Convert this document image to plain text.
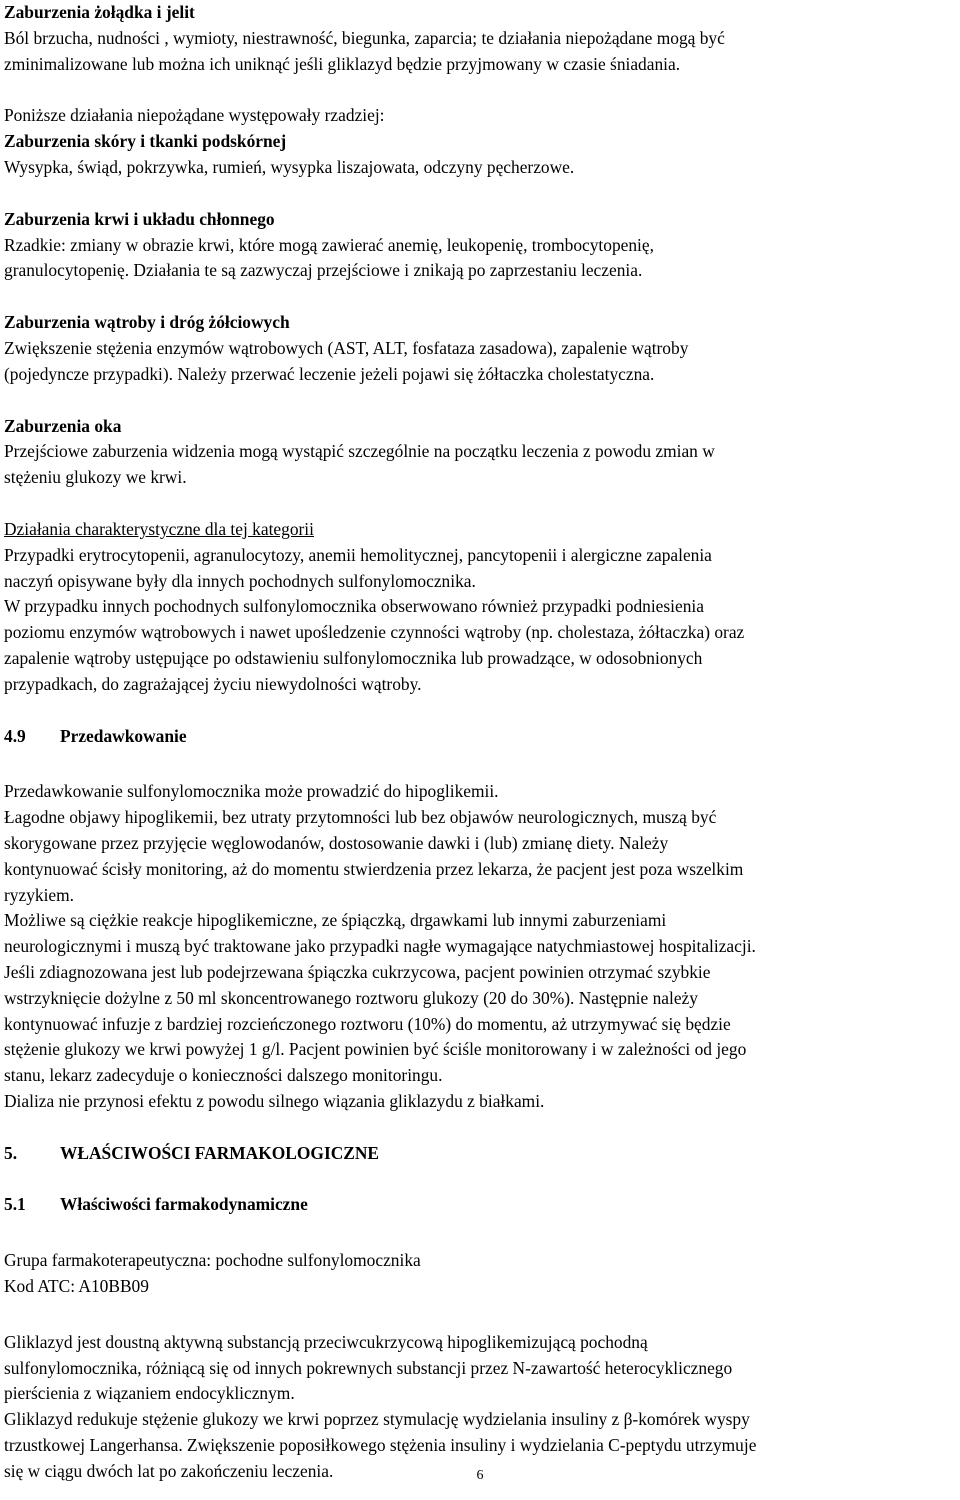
Zaburzenia żołądka i jelit

Ból brzucha, nudności , wymioty, niestrawność, biegunka, zaparcia; te działania niepożądane mogą być

zminimalizowane lub można ich uniknąć jeśli gliklazyd będzie przyjmowany w czasie śniadania.

Poniższe działania niepożądane występowały rzadziej:

Zaburzenia skóry i tkanki podskórnej

Wysypka, świąd, pokrzywka, rumień, wysypka liszajowata, odczyny pęcherzowe.

Zaburzenia krwi i układu chłonnego

Rzadkie: zmiany w obrazie krwi, które mogą zawierać anemię, leukopenię, trombocytopenię,

granulocytopenię. Działania te są zazwyczaj przejściowe i znikają po zaprzestaniu leczenia.

Zaburzenia wątroby i dróg żółciowych

Zwiększenie stężenia enzymów wątrobowych (AST, ALT, fosfataza zasadowa), zapalenie wątroby

(pojedyncze przypadki). Należy przerwać leczenie jeżeli pojawi się żółtaczka cholestatyczna.

Zaburzenia oka

Przejściowe zaburzenia widzenia mogą wystąpić szczególnie na początku leczenia z powodu zmian w

stężeniu glukozy we krwi.

Działania charakterystyczne dla tej kategorii

Przypadki erytrocytopenii, agranulocytozy, anemii hemolitycznej, pancytopenii i alergiczne zapalenia

naczyń opisywane były dla innych pochodnych sulfonylomocznika.

W przypadku innych pochodnych sulfonylomocznika obserwowano również przypadki podniesienia

poziomu enzymów wątrobowych i nawet upośledzenie czynności wątroby (np. cholestaza, żółtaczka) oraz

zapalenie wątroby ustępujące po odstawieniu sulfonylomocznika lub prowadzące, w odosobnionych

przypadkach, do zagrażającej życiu niewydolności wątroby.

4.9 Przedawkowanie

Przedawkowanie sulfonylomocznika może prowadzić do hipoglikemii.

Łagodne objawy hipoglikemii, bez utraty przytomności lub bez objawów neurologicznych, muszą być

skorygowane przez przyjęcie węglowodanów, dostosowanie dawki i (lub) zmianę diety. Należy

kontynuować ścisły monitoring, aż do momentu stwierdzenia przez lekarza, że pacjent jest poza wszelkim

ryzykiem.

Możliwe są ciężkie reakcje hipoglikemiczne, ze śpiączką, drgawkami lub innymi zaburzeniami

neurologicznymi i muszą być traktowane jako przypadki nagłe wymagające natychmiastowej hospitalizacji.

Jeśli zdiagnozowana jest lub podejrzewana śpiączka cukrzycowa, pacjent powinien otrzymać szybkie

wstrzyknięcie dożylne z 50 ml skoncentrowanego roztworu glukozy (20 do 30%). Następnie należy

kontynuować infuzje z bardziej rozcieńczonego roztworu (10%) do momentu, aż utrzymywać się będzie

stężenie glukozy we krwi powyżej 1 g/l. Pacjent powinien być ściśle monitorowany i w zależności od jego

stanu, lekarz zadecyduje o konieczności dalszego monitoringu.

Dializa nie przynosi efektu z powodu silnego wiązania gliklazydu z białkami.

5. WŁAŚCIWOŚCI FARMAKOLOGICZNE

5.1 Właściwości farmakodynamiczne

Grupa farmakoterapeutyczna: pochodne sulfonylomocznika

Kod ATC: A10BB09

Gliklazyd jest doustną aktywną substancją przeciwcukrzycową hipoglikemizującą pochodną

sulfonylomocznika, różniącą się od innych pokrewnych substancji przez N-zawartość heterocyklicznego

pierścienia z wiązaniem endocyklicznym.

Gliklazyd redukuje stężenie glukozy we krwi poprzez stymulację wydzielania insuliny z β-komórek wyspy

trzustkowej Langerhansa. Zwiększenie poposiłkowego stężenia insuliny i wydzielania C-peptydu utrzymuje

się w ciągu dwóch lat po zakończeniu leczenia.	6
